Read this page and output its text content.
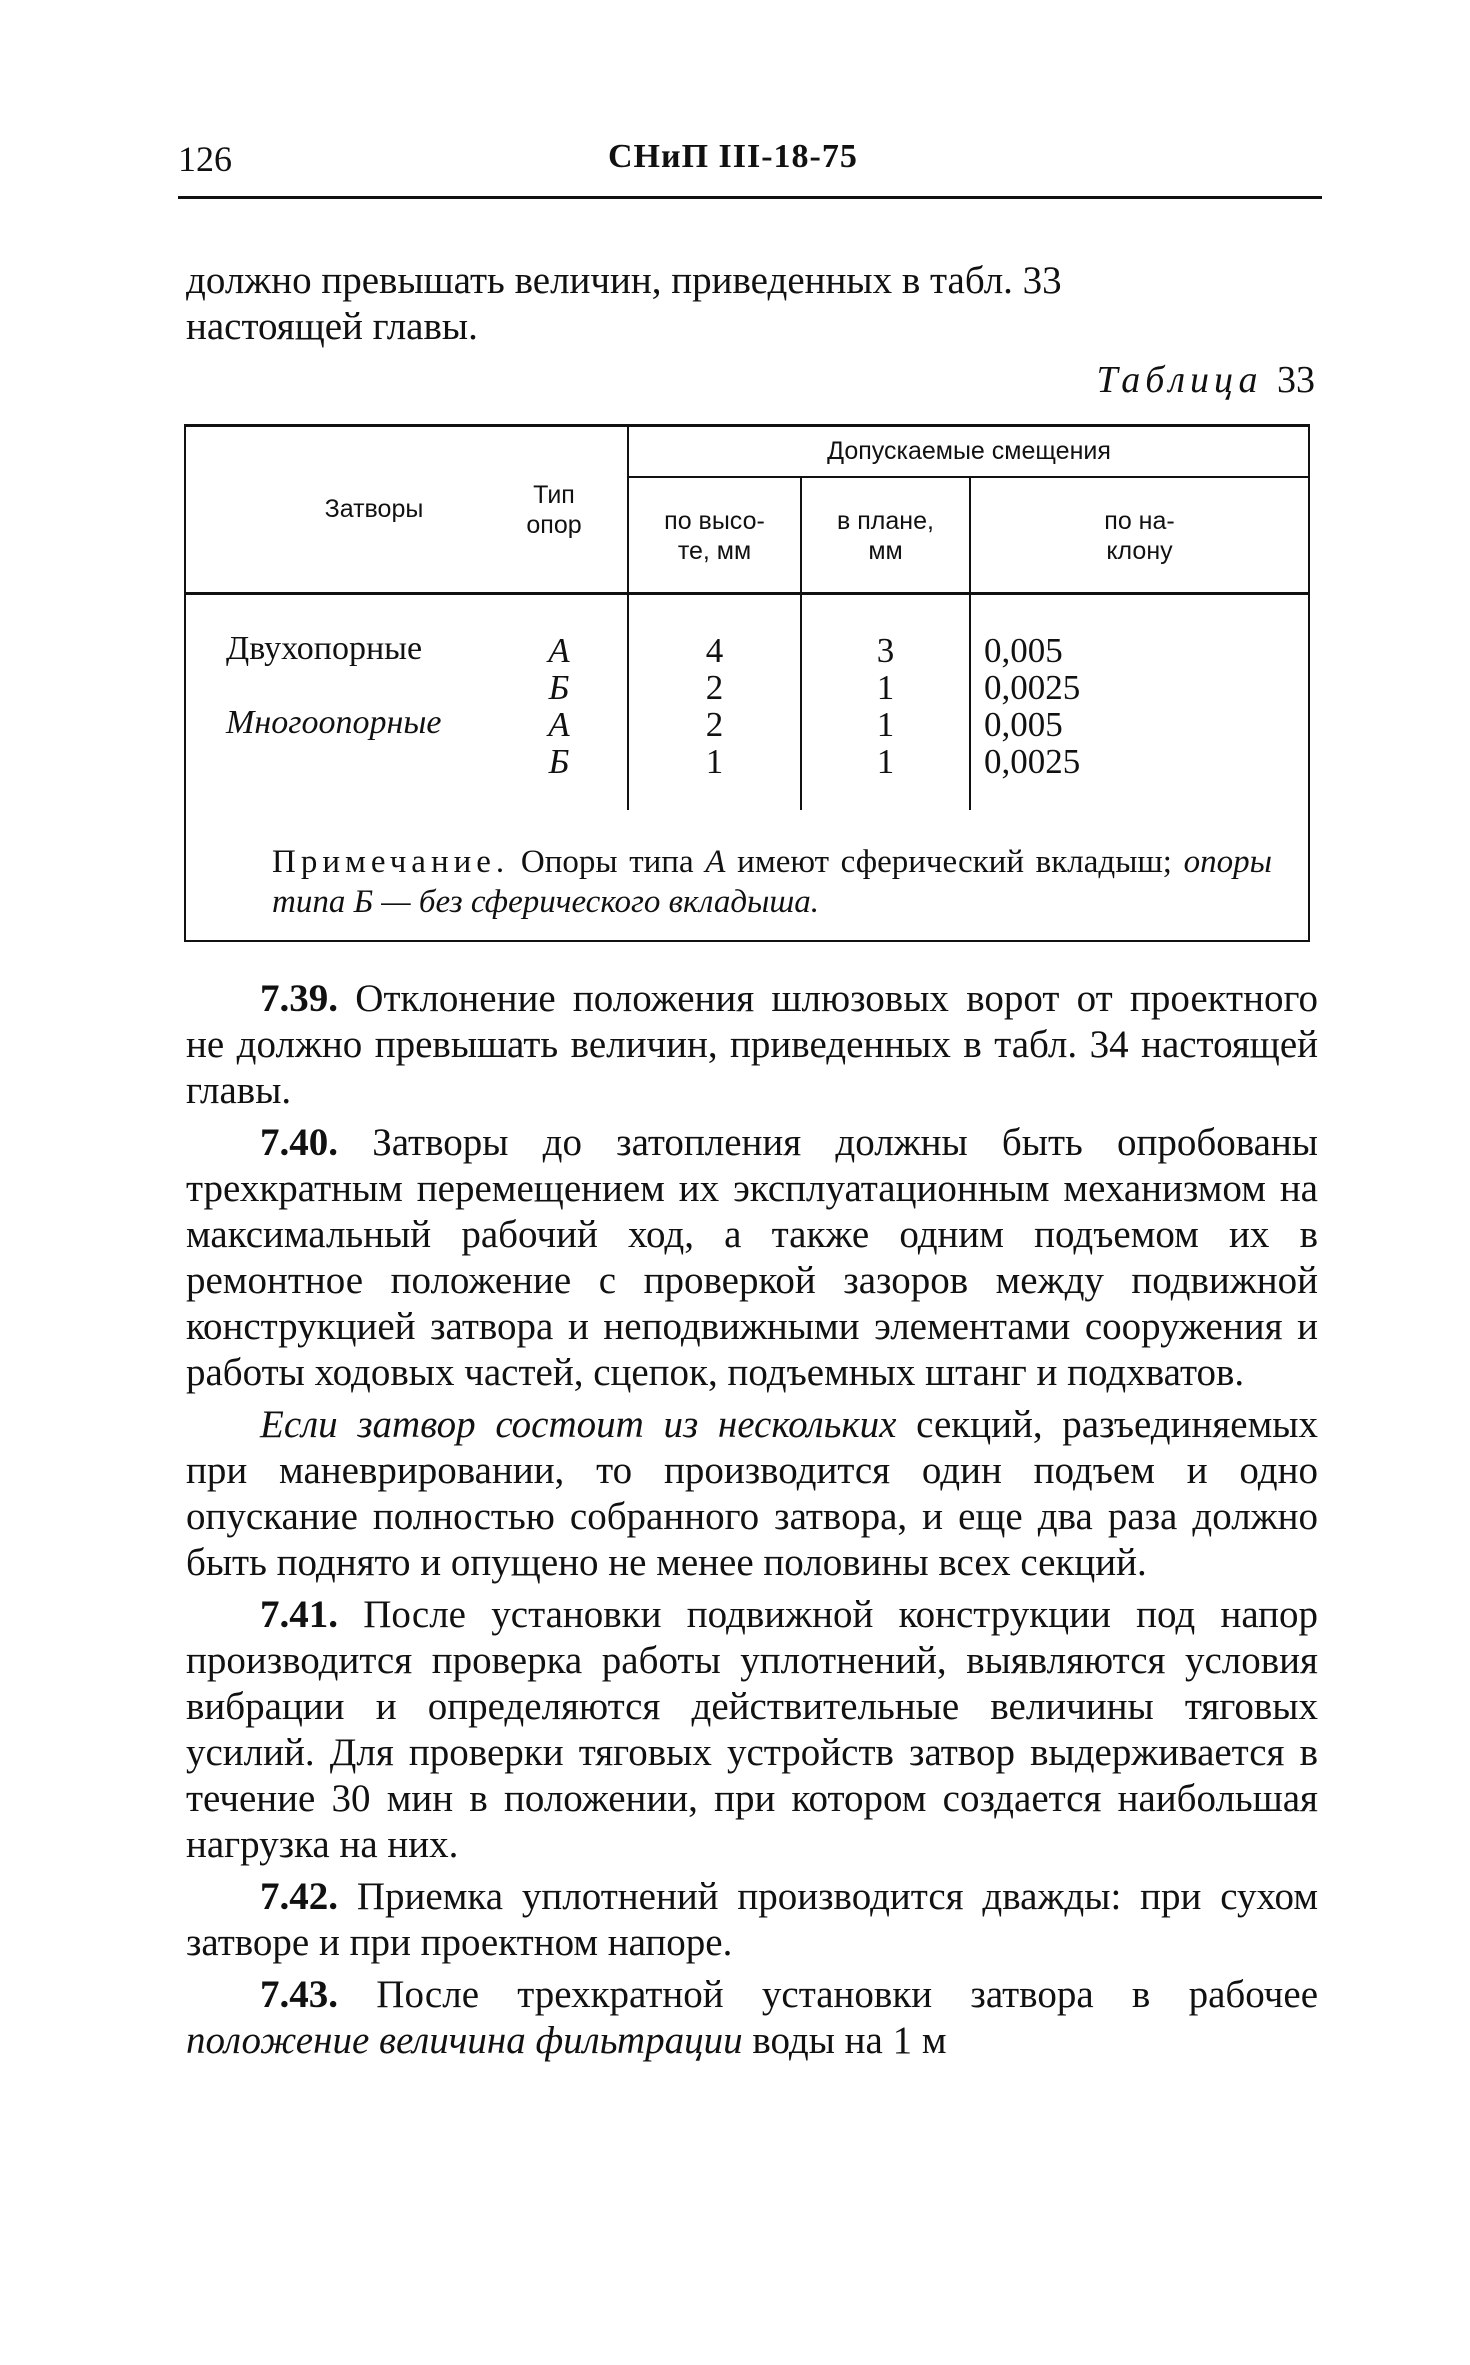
126	СНиП III-18-75

должно превышать величин, приведенных в табл. 33

настоящей главы.

Таблица 33
Затворы	Тип
опор
Допускаемые смещения
по высо-
те, мм
в плане,
мм
по на-
клону
Двухопорные
Многоопорные
А
Б
А
Б
4
2
2
1
3
1
1
1
0,005
0,0025
0,005
0,0025
Примечание. Опоры типа А имеют сферический вкладыш; опоры типа Б — без сферического вкладыша.

7.39. Отклонение положения шлюзовых ворот от проектного не должно превышать величин, приведенных в табл. 34 настоящей главы.

7.40. Затворы до затопления должны быть опробованы трехкратным перемещением их эксплуатационным механизмом на максимальный рабочий ход, а также одним подъемом их в ремонтное положение с проверкой зазоров между подвижной конструкцией затвора и неподвижными элементами сооружения и работы ходовых частей, сцепок, подъемных штанг и подхватов.

Если затвор состоит из нескольких секций, разъединяемых при маневрировании, то производится один подъем и одно опускание полностью собранного затвора, и еще два раза должно быть поднято и опущено не менее половины всех секций.

7.41. После установки подвижной конструкции под напор производится проверка работы уплотнений, выявляются условия вибрации и определяются действительные величины тяговых усилий. Для проверки тяговых устройств затвор выдерживается в течение 30 мин в положении, при котором создается наибольшая нагрузка на них.

7.42. Приемка уплотнений производится дважды: при сухом затворе и при проектном напоре.

7.43. После трехкратной установки затвора в рабочее положение величина фильтрации воды на 1 м
